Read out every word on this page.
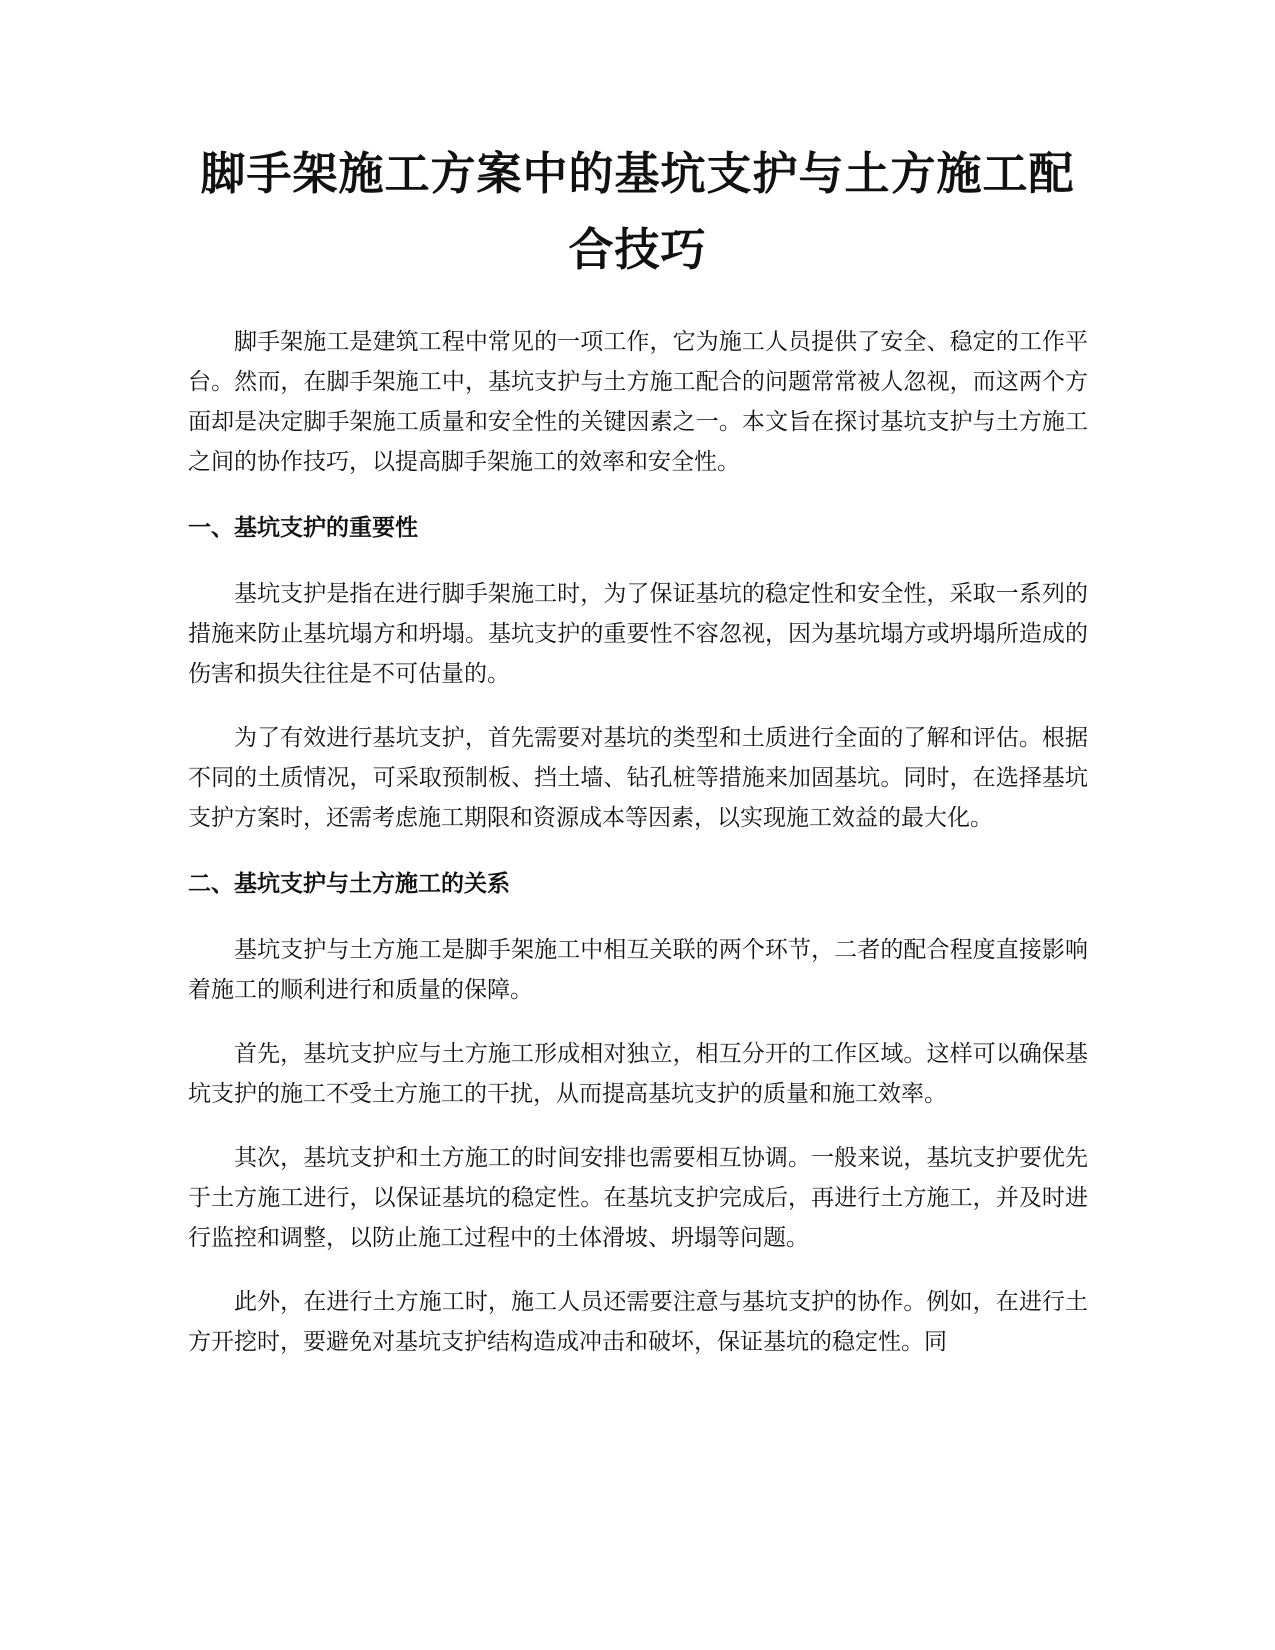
脚手架施工方案中的基坑支护与土方施工配
合技巧

脚手架施工是建筑工程中常见的一项工作，它为施工人员提供了安全、稳定的工作平台。然而，在脚手架施工中，基坑支护与土方施工配合的问题常常被人忽视，而这两个方面却是决定脚手架施工质量和安全性的关键因素之一。本文旨在探讨基坑支护与土方施工之间的协作技巧，以提高脚手架施工的效率和安全性。

一、基坑支护的重要性

基坑支护是指在进行脚手架施工时，为了保证基坑的稳定性和安全性，采取一系列的措施来防止基坑塌方和坍塌。基坑支护的重要性不容忽视，因为基坑塌方或坍塌所造成的伤害和损失往往是不可估量的。

为了有效进行基坑支护，首先需要对基坑的类型和土质进行全面的了解和评估。根据不同的土质情况，可采取预制板、挡土墙、钻孔桩等措施来加固基坑。同时，在选择基坑支护方案时，还需考虑施工期限和资源成本等因素，以实现施工效益的最大化。

二、基坑支护与土方施工的关系

基坑支护与土方施工是脚手架施工中相互关联的两个环节，二者的配合程度直接影响着施工的顺利进行和质量的保障。

首先，基坑支护应与土方施工形成相对独立，相互分开的工作区域。这样可以确保基坑支护的施工不受土方施工的干扰，从而提高基坑支护的质量和施工效率。

其次，基坑支护和土方施工的时间安排也需要相互协调。一般来说，基坑支护要优先于土方施工进行，以保证基坑的稳定性。在基坑支护完成后，再进行土方施工，并及时进行监控和调整，以防止施工过程中的土体滑坡、坍塌等问题。

此外，在进行土方施工时，施工人员还需要注意与基坑支护的协作。例如，在进行土方开挖时，要避免对基坑支护结构造成冲击和破坏，保证基坑的稳定性。同
